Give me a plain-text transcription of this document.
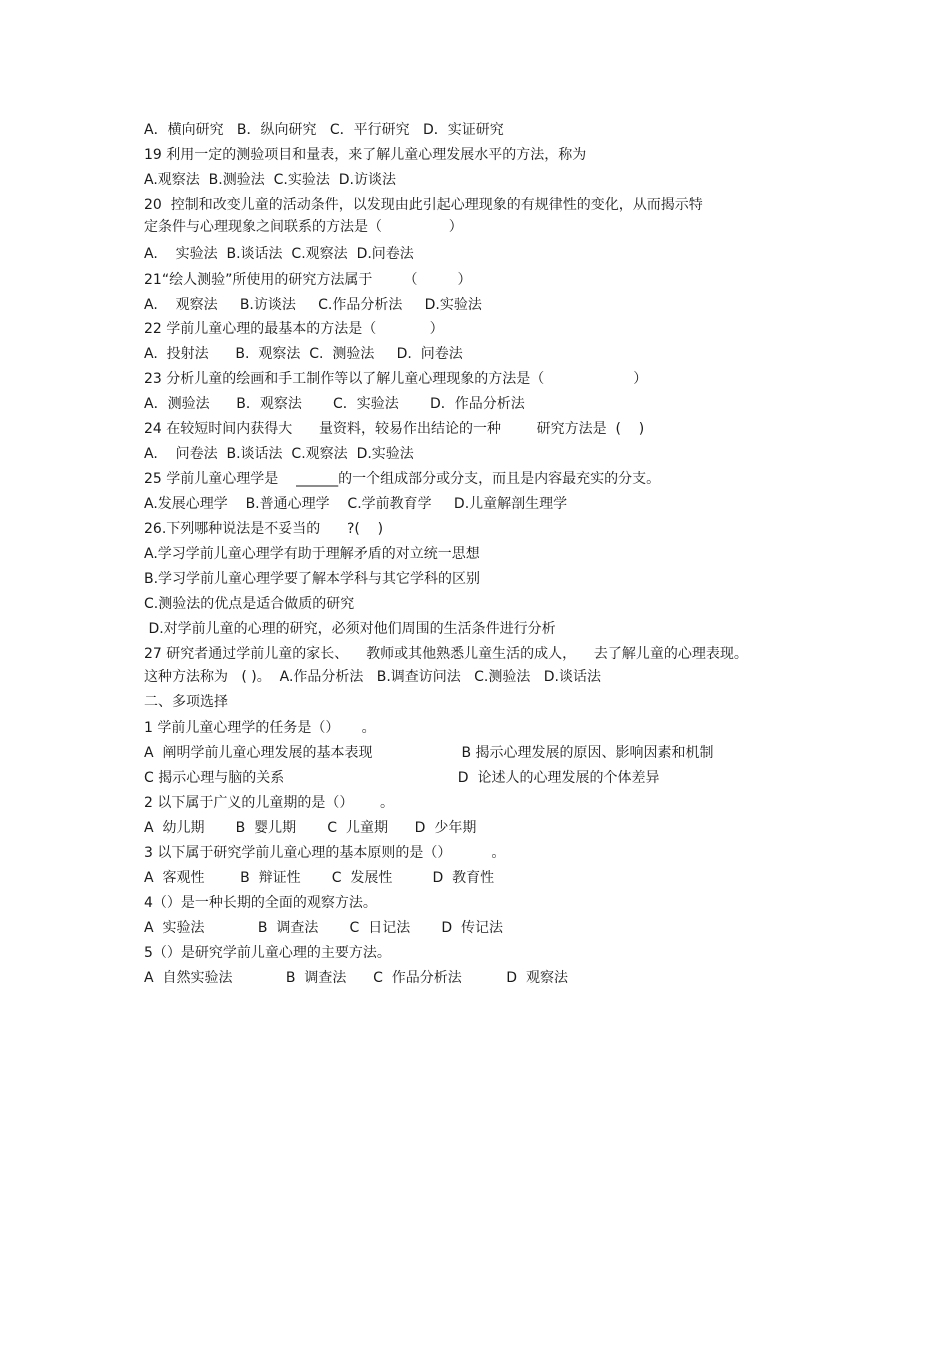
A．横向研究   B．纵向研究   C．平行研究   D．实证研究

19 利用一定的测验项目和量表，来了解儿童心理发展水平的方法，称为

A.观察法  B.测验法  C.实验法  D.访谈法

20  控制和改变儿童的活动条件，以发现由此引起心理现象的有规律性的变化，从而揭示特

定条件与心理现象之间联系的方法是（               ）

A.    实验法  B.谈话法  C.观察法  D.问卷法

21“绘人测验”所使用的研究方法属于       （         ）

A.    观察法     B.访谈法     C.作品分析法     D.实验法

22 学前儿童心理的最基本的方法是（            ）

A.  投射法      B.  观察法  C.  测验法     D.  问卷法

23 分析儿童的绘画和手工制作等以了解儿童心理现象的方法是（                    ）

A．测验法      B．观察法       C．实验法       D．作品分析法

24 在较短时间内获得大      量资料，较易作出结论的一种        研究方法是  (    )

A.    问卷法  B.谈话法  C.观察法  D.实验法

25 学前儿童心理学是    ______的一个组成部分或分支，而且是内容最充实的分支。

A.发展心理学    B.普通心理学    C.学前教育学     D.儿童解剖生理学

26.下列哪种说法是不妥当的      ?(    )

A.学习学前儿童心理学有助于理解矛盾的对立统一思想

B.学习学前儿童心理学要了解本学科与其它学科的区别

C.测验法的优点是适合做质的研究

D.对学前儿童的心理的研究，必须对他们周围的生活条件进行分析

27 研究者通过学前儿童的家长、    教师或其他熟悉儿童生活的成人，    去了解儿童的心理表现。

这种方法称为   ( )。  A.作品分析法   B.调查访问法   C.测验法   D.谈话法

二、多项选择

1 学前儿童心理学的任务是（）     。

A  阐明学前儿童心理发展的基本表现                    B 揭示心理发展的原因、影响因素和机制

C 揭示心理与脑的关系                                       D  论述人的心理发展的个体差异

2 以下属于广义的儿童期的是（）      。

A  幼儿期       B  婴儿期       C  儿童期      D  少年期

3 以下属于研究学前儿童心理的基本原则的是（）         。

A  客观性        B  辩证性       C  发展性         D  教育性

4（）是一种长期的全面的观察方法。

A  实验法            B  调查法       C  日记法       D  传记法

5（）是研究学前儿童心理的主要方法。

A  自然实验法            B  调查法      C  作品分析法          D  观察法
